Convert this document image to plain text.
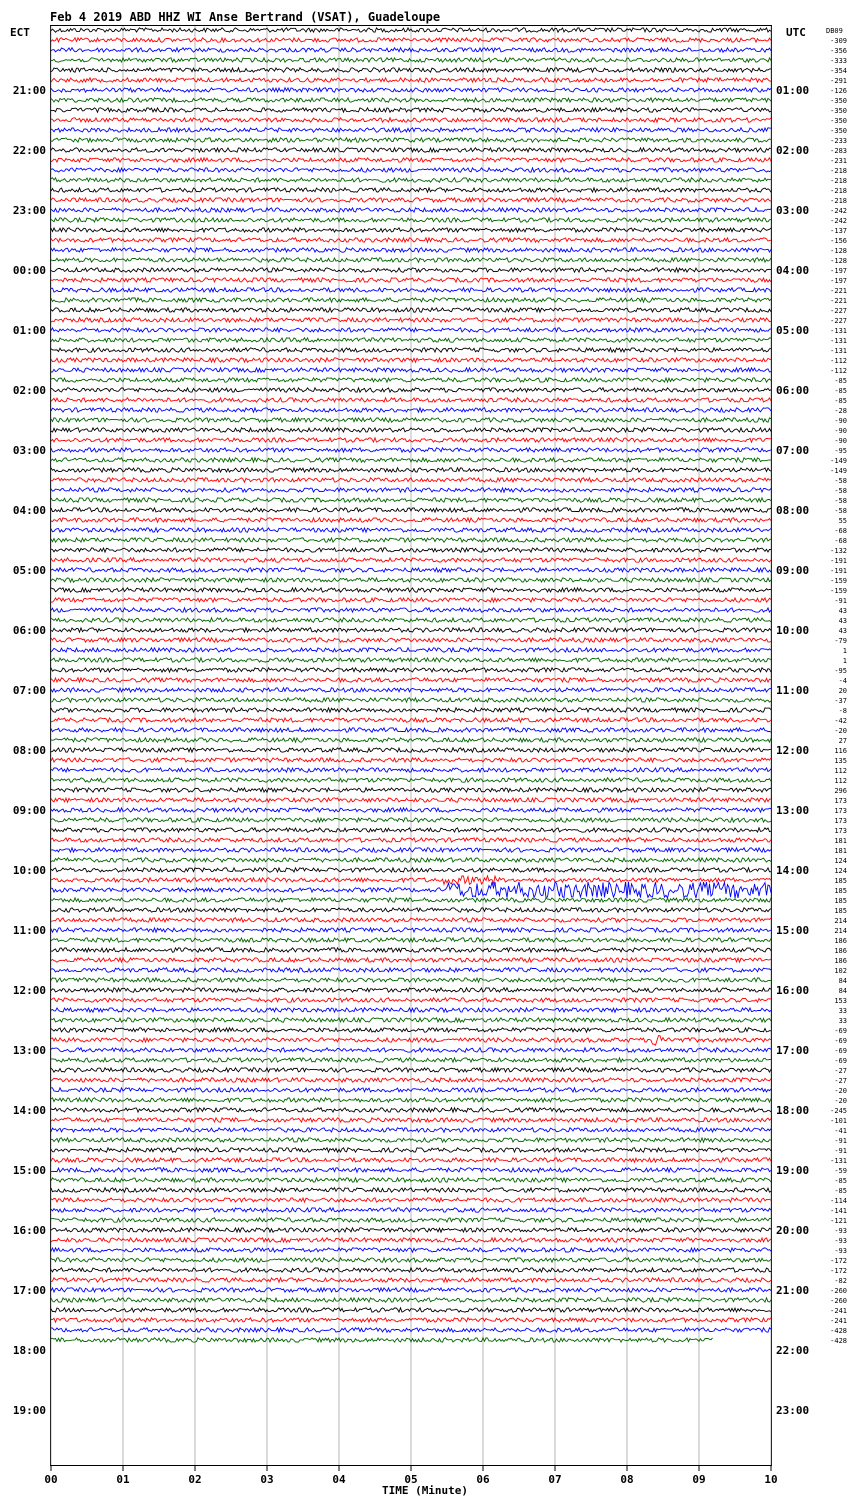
Feb 4 2019 ABD HHZ WI Anse Bertrand (VSAT), Guadeloupe
ECT	UTC	DB09
21:00	01:00
22:00	02:00
23:00	03:00
00:00	04:00
01:00	05:00
02:00	06:00
03:00	07:00
04:00	08:00
05:00	09:00
06:00	10:00
07:00	11:00
08:00	12:00
09:00	13:00
10:00	14:00
11:00	15:00
12:00	16:00
13:00	17:00
14:00	18:00
15:00	19:00
16:00	20:00
17:00	21:00
18:00	22:00
19:00	23:00
-309
-356
-333
-354
-291
-126
-350
-350
-350
-350
-233
-283
-231
-218
-218
-218
-218
-242
-242
-137
-156
-128
-128
-197
-197
-221
-221
-227
-227
-131
-131
-131
-112
-112
-85
-85
-85
-28
-90
-90
-90
-95
-149
-149
-58
-58
-58
-58
55
-68
-68
-132
-191
-191
-159
-159
-91
43
43
43
-79
1
1
-95
-4
20
-37
-8
-42
-20
27
116
135
112
112
296
173
173
173
173
181
181
124
124
185
185
185
185
214
214
186
186
186
102
84
84
153
33
33
-69
-69
-69
-69
-27
-27
-20
-20
-245
-101
-41
-91
-91
-131
-59
-85
-85
-114
-141
-121
-93
-93
-93
-172
-172
-82
-260
-260
-241
-241
-428
-428
00	01	02	03	04	05	06	07	08	09	10
TIME (Minute)
